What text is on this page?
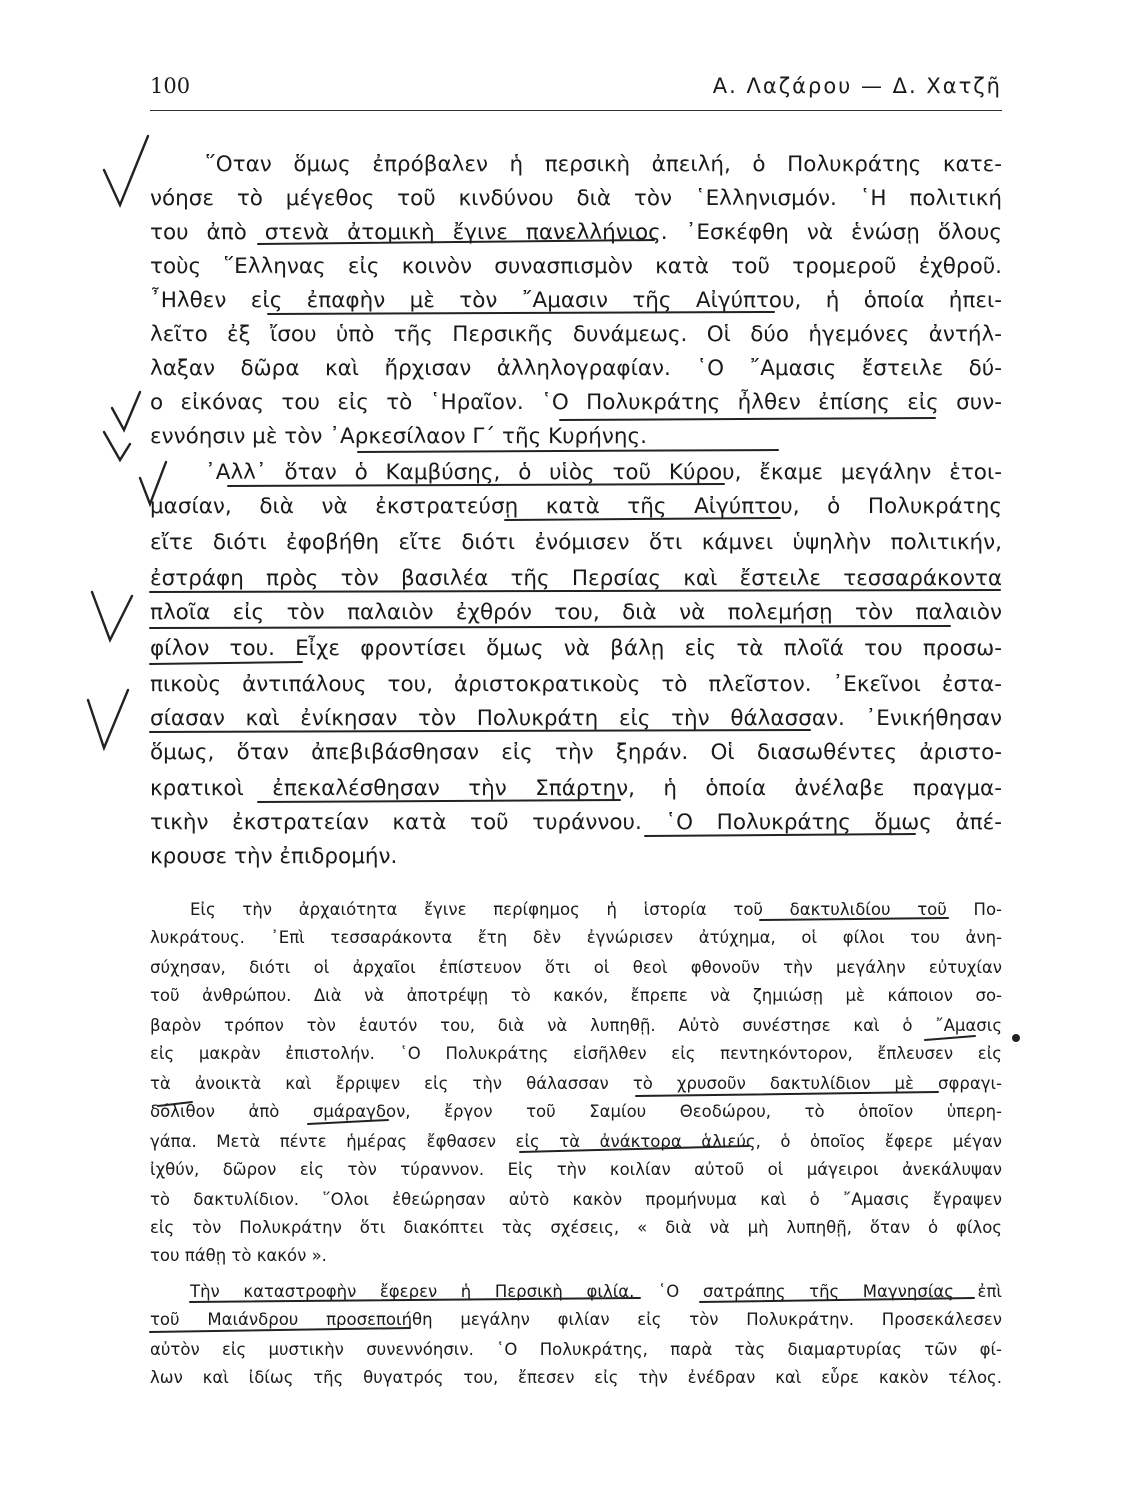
100	Α. Λαζάρου — Δ. Χατζῆ
῞Οταν ὅμως ἐπρόβαλεν ἡ περσικὴ ἀπειλή, ὁ Πολυκράτης κατε-
νόησε τὸ μέγεθος τοῦ κινδύνου διὰ τὸν ῾Ελληνισμόν. ῾Η πολιτική
του ἀπὸ στενὰ ἀτομικὴ ἔγινε πανελλήνιος. ᾿Εσκέφθη νὰ ἑνώσῃ ὅλους
τοὺς ῞Ελληνας εἰς κοινὸν συνασπισμὸν κατὰ τοῦ τρομεροῦ ἐχθροῦ.
῏Ηλθεν εἰς ἐπαφὴν μὲ τὸν ῎Αμασιν τῆς Αἰγύπτου, ἡ ὁποία ἠπει-
λεῖτο ἐξ ἴσου ὑπὸ τῆς Περσικῆς δυνάμεως. Οἱ δύο ἡγεμόνες ἀντήλ-
λαξαν δῶρα καὶ ἤρχισαν ἀλληλογραφίαν. ῾Ο ῎Αμασις ἔστειλε δύ-
ο εἰκόνας του εἰς τὸ ῾Ηραῖον. ῾Ο Πολυκράτης ἦλθεν ἐπίσης εἰς συν-
εννόησιν μὲ τὸν ᾿Αρκεσίλαον Γ΄ τῆς Κυρήνης.
᾿Αλλ᾿ ὅταν ὁ Καμβύσης, ὁ υἱὸς τοῦ Κύρου, ἔκαμε μεγάλην ἑτοι-
μασίαν, διὰ νὰ ἐκστρατεύσῃ κατὰ τῆς Αἰγύπτου, ὁ Πολυκράτης
εἴτε διότι ἐφοβήθη εἴτε διότι ἐνόμισεν ὅτι κάμνει ὑψηλὴν πολιτικήν,
ἐστράφη πρὸς τὸν βασιλέα τῆς Περσίας καὶ ἔστειλε τεσσαράκοντα
πλοῖα εἰς τὸν παλαιὸν ἐχθρόν του, διὰ νὰ πολεμήσῃ τὸν παλαιὸν
φίλον του. Εἶχε φροντίσει ὅμως νὰ βάλῃ εἰς τὰ πλοῖά του προσω-
πικοὺς ἀντιπάλους του, ἀριστοκρατικοὺς τὸ πλεῖστον. ᾿Εκεῖνοι ἐστα-
σίασαν καὶ ἐνίκησαν τὸν Πολυκράτη εἰς τὴν θάλασσαν. ᾿Ενικήθησαν
ὅμως, ὅταν ἀπεβιβάσθησαν εἰς τὴν ξηράν. Οἱ διασωθέντες ἀριστο-
κρατικοὶ ἐπεκαλέσθησαν τὴν Σπάρτην, ἡ ὁποία ἀνέλαβε πραγμα-
τικὴν ἐκστρατείαν κατὰ τοῦ τυράννου. ῾Ο Πολυκράτης ὅμως ἀπέ-
κρουσε τὴν ἐπιδρομήν.
Εἰς τὴν ἀρχαιότητα ἔγινε περίφημος ἡ ἱστορία τοῦ δακτυλιδίου τοῦ Πο-
λυκράτους. ᾿Επὶ τεσσαράκοντα ἔτη δὲν ἐγνώρισεν ἀτύχημα, οἱ φίλοι του ἀνη-
σύχησαν, διότι οἱ ἀρχαῖοι ἐπίστευον ὅτι οἱ θεοὶ φθονοῦν τὴν μεγάλην εὐτυχίαν
τοῦ ἀνθρώπου. Διὰ νὰ ἀποτρέψῃ τὸ κακόν, ἔπρεπε νὰ ζημιώσῃ μὲ κάποιον σο-
βαρὸν τρόπον τὸν ἑαυτόν του, διὰ νὰ λυπηθῇ. Αὐτὸ συνέστησε καὶ ὁ ῎Αμασις
εἰς μακρὰν ἐπιστολήν. ῾Ο Πολυκράτης εἰσῆλθεν εἰς πεντηκόντορον, ἔπλευσεν εἰς
τὰ ἀνοικτὰ καὶ ἔρριψεν εἰς τὴν θάλασσαν τὸ χρυσοῦν δακτυλίδιον μὲ σφραγι-
δόλιθον ἀπὸ σμάραγδον, ἔργον τοῦ Σαμίου Θεοδώρου, τὸ ὁποῖον ὑπερη-
γάπα. Μετὰ πέντε ἡμέρας ἔφθασεν εἰς τὰ ἀνάκτορα ἁλιεύς, ὁ ὁποῖος ἔφερε μέγαν
ἰχθύν, δῶρον εἰς τὸν τύραννον. Εἰς τὴν κοιλίαν αὐτοῦ οἱ μάγειροι ἀνεκάλυψαν
τὸ δακτυλίδιον. ῞Ολοι ἐθεώρησαν αὐτὸ κακὸν προμήνυμα καὶ ὁ ῎Αμασις ἔγραψεν
εἰς τὸν Πολυκράτην ὅτι διακόπτει τὰς σχέσεις, « διὰ νὰ μὴ λυπηθῇ, ὅταν ὁ φίλος
του πάθῃ τὸ κακόν ».
Τὴν καταστροφὴν ἔφερεν ἡ Περσικὴ φιλία. ῾Ο σατράπης τῆς Μαγνησίας ἐπὶ
τοῦ Μαιάνδρου προσεποιήθη μεγάλην φιλίαν εἰς τὸν Πολυκράτην. Προσεκάλεσεν
αὐτὸν εἰς μυστικὴν συνεννόησιν. ῾Ο Πολυκράτης, παρὰ τὰς διαμαρτυρίας τῶν φί-
λων καὶ ἰδίως τῆς θυγατρός του, ἔπεσεν εἰς τὴν ἐνέδραν καὶ εὗρε κακὸν τέλος.
